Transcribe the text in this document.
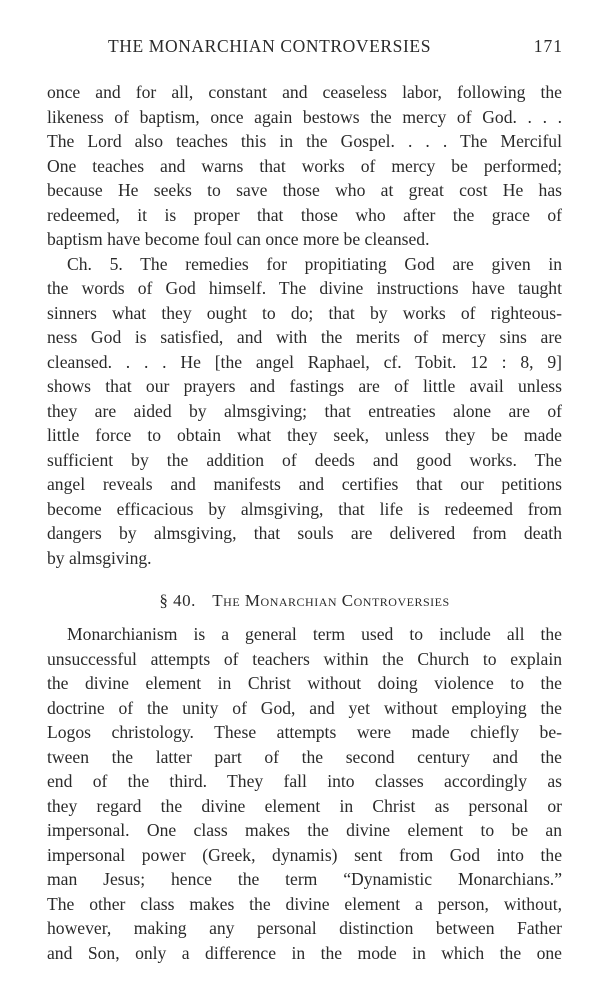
THE MONARCHIAN CONTROVERSIES	171
once and for all, constant and ceaseless labor, following the
likeness of baptism, once again bestows the mercy of God. . . .
The Lord also teaches this in the Gospel. . . . The Merciful
One teaches and warns that works of mercy be performed;
because He seeks to save those who at great cost He has
redeemed, it is proper that those who after the grace of
baptism have become foul can once more be cleansed.
Ch. 5. The remedies for propitiating God are given in
the words of God himself. The divine instructions have taught
sinners what they ought to do; that by works of righteous-
ness God is satisfied, and with the merits of mercy sins are
cleansed. . . . He [the angel Raphael, cf. Tobit. 12 : 8, 9]
shows that our prayers and fastings are of little avail unless
they are aided by almsgiving; that entreaties alone are of
little force to obtain what they seek, unless they be made
sufficient by the addition of deeds and good works. The
angel reveals and manifests and certifies that our petitions
become efficacious by almsgiving, that life is redeemed from
dangers by almsgiving, that souls are delivered from death
by almsgiving.
§ 40. The Monarchian Controversies
Monarchianism is a general term used to include all the
unsuccessful attempts of teachers within the Church to explain
the divine element in Christ without doing violence to the
doctrine of the unity of God, and yet without employing the
Logos christology. These attempts were made chiefly be-
tween the latter part of the second century and the
end of the third. They fall into classes accordingly as
they regard the divine element in Christ as personal or
impersonal. One class makes the divine element to be an
impersonal power (Greek, dynamis) sent from God into the
man Jesus; hence the term “Dynamistic Monarchians.”
The other class makes the divine element a person, without,
however, making any personal distinction between Father
and Son, only a difference in the mode in which the one
